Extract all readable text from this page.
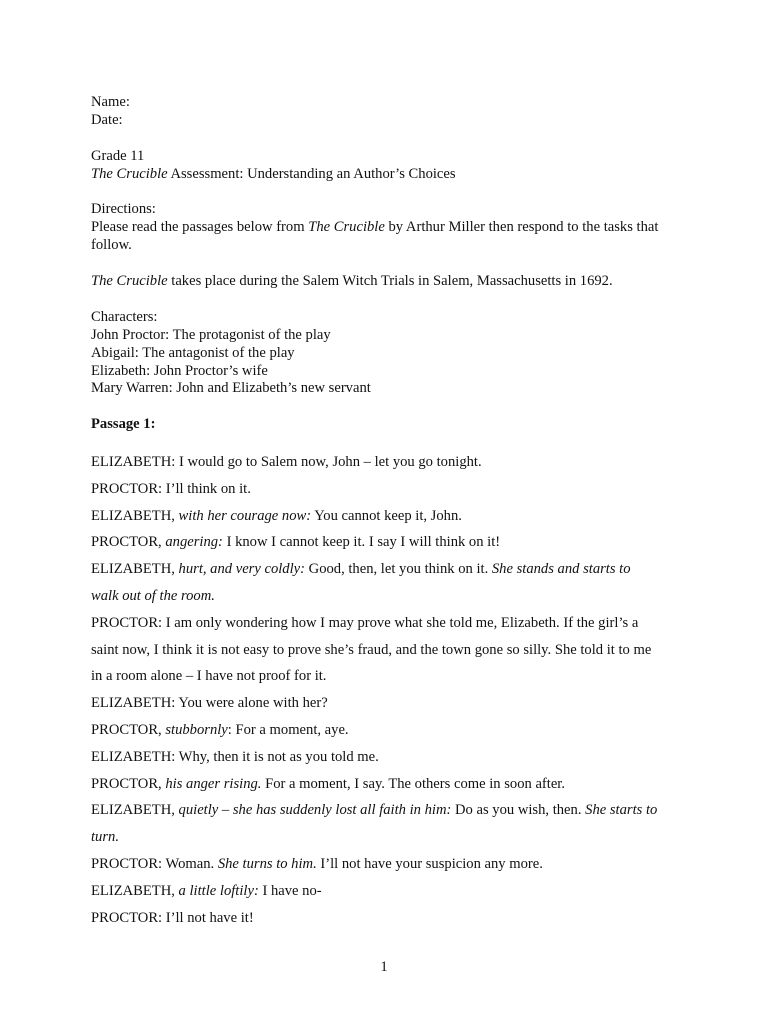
Name:
Date:
Grade 11
The Crucible Assessment: Understanding an Author’s Choices
Directions:
Please read the passages below from The Crucible by Arthur Miller then respond to the tasks that follow.
The Crucible takes place during the Salem Witch Trials in Salem, Massachusetts in 1692.
Characters:
John Proctor: The protagonist of the play
Abigail: The antagonist of the play
Elizabeth: John Proctor’s wife
Mary Warren: John and Elizabeth’s new servant
Passage 1:
ELIZABETH: I would go to Salem now, John – let you go tonight.
PROCTOR: I’ll think on it.
ELIZABETH, with her courage now: You cannot keep it, John.
PROCTOR, angering: I know I cannot keep it. I say I will think on it!
ELIZABETH, hurt, and very coldly: Good, then, let you think on it. She stands and starts to
walk out of the room.
PROCTOR: I am only wondering how I may prove what she told me, Elizabeth. If the girl’s a
saint now, I think it is not easy to prove she’s fraud, and the town gone so silly. She told it to me
in a room alone – I have not proof for it.
ELIZABETH: You were alone with her?
PROCTOR, stubbornly: For a moment, aye.
ELIZABETH: Why, then it is not as you told me.
PROCTOR, his anger rising. For a moment, I say. The others come in soon after.
ELIZABETH, quietly – she has suddenly lost all faith in him: Do as you wish, then. She starts to
turn.
PROCTOR: Woman. She turns to him. I’ll not have your suspicion any more.
ELIZABETH, a little loftily: I have no-
PROCTOR: I’ll not have it!
1
